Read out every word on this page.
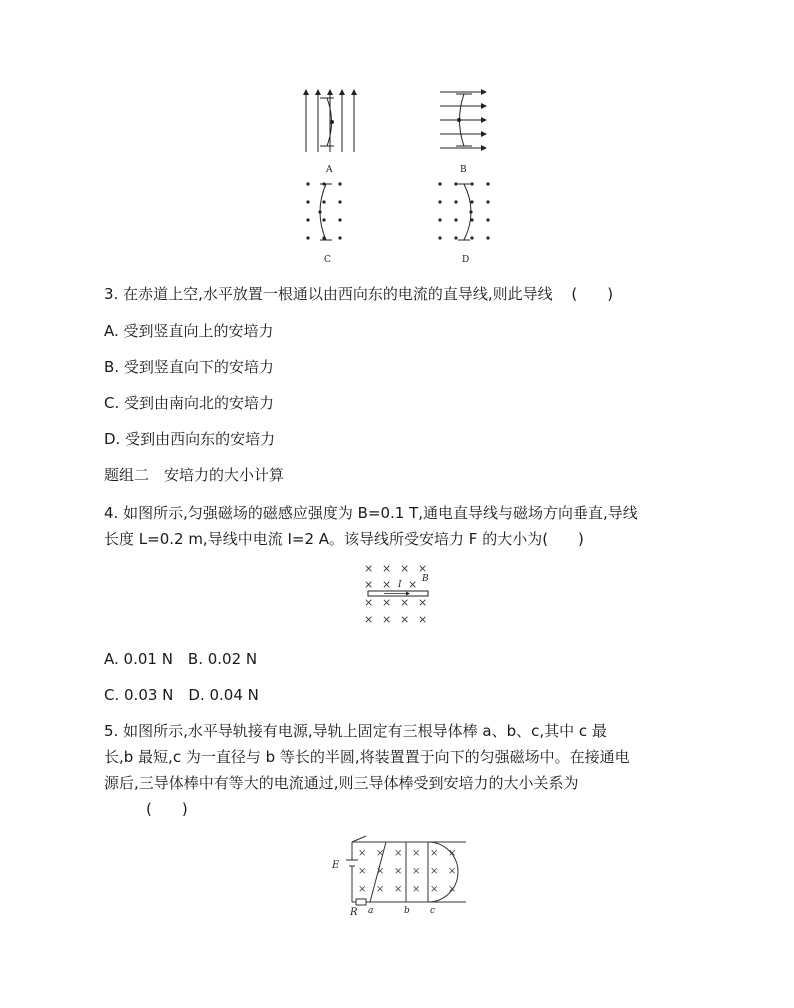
A	B
C	D
3. 在赤道上空,水平放置一根通以由西向东的电流的直导线,则此导线 (　　)
A. 受到竖直向上的安培力
B. 受到竖直向下的安培力
C. 受到由南向北的安培力
D. 受到由西向东的安培力
题组二　安培力的大小计算
4. 如图所示,匀强磁场的磁感应强度为 B=0.1 T,通电直导线与磁场方向垂直,导线
长度 L=0.2 m,导线中电流 I=2 A。该导线所受安培力 F 的大小为(　　)
× × × ×
× × ×
× × × ×
× × × ×
B
I
A. 0.01 N　B. 0.02 N
C. 0.03 N　D. 0.04 N
5. 如图所示,水平导轨接有电源,导轨上固定有三根导体棒 a、b、c,其中 c 最
长,b 最短,c 为一直径与 b 等长的半圆,将装置置于向下的匀强磁场中。在接通电
源后,三导体棒中有等大的电流通过,则三导体棒受到安培力的大小关系为
(　　)
× × × × × ×
× × × × × ×
× × × × × ×
E
R a	b c
